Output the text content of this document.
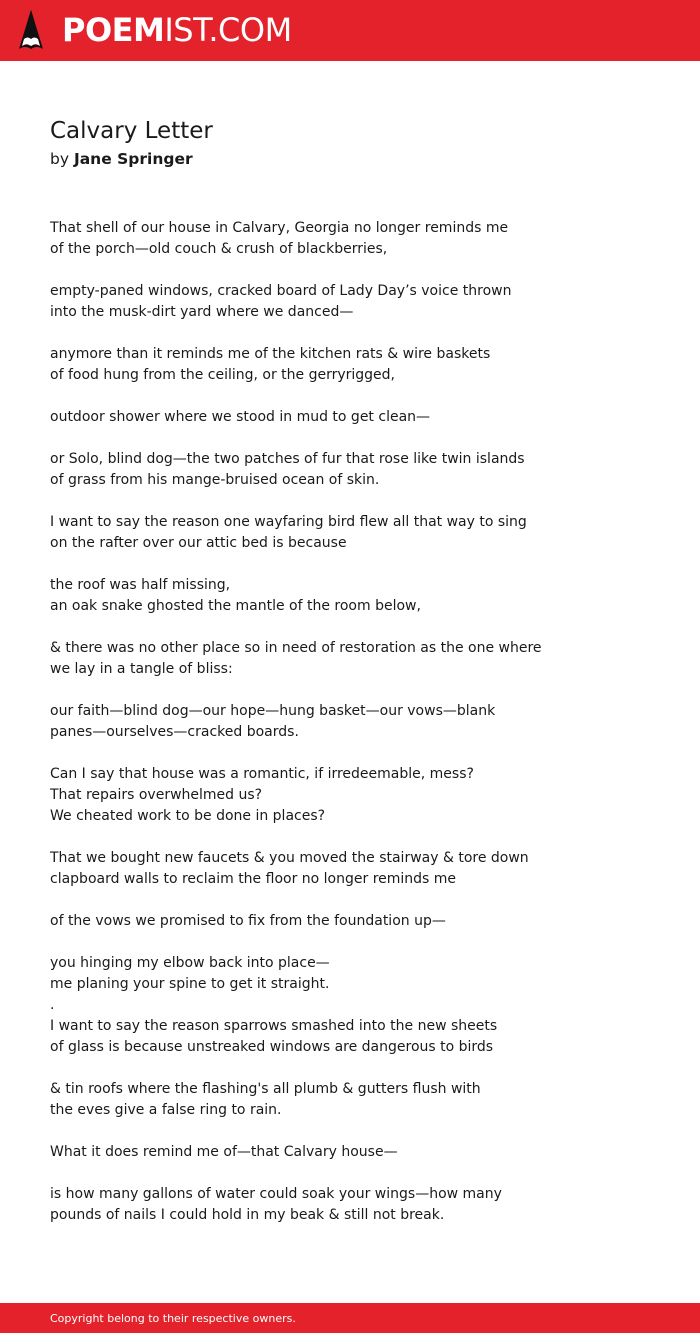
POEMIST.COM
Calvary Letter
by Jane Springer
That shell of our house in Calvary, Georgia no longer reminds me
of the porch—old couch & crush of blackberries,
empty-paned windows, cracked board of Lady Day’s voice thrown
into the musk-dirt yard where we danced—
anymore than it reminds me of the kitchen rats & wire baskets
of food hung from the ceiling, or the gerryrigged,
outdoor shower where we stood in mud to get clean—
or Solo, blind dog—the two patches of fur that rose like twin islands
of grass from his mange-bruised ocean of skin.
I want to say the reason one wayfaring bird flew all that way to sing
on the rafter over our attic bed is because
the roof was half missing,
an oak snake ghosted the mantle of the room below,
& there was no other place so in need of restoration as the one where
we lay in a tangle of bliss:
our faith—blind dog—our hope—hung basket—our vows—blank
panes—ourselves—cracked boards.
Can I say that house was a romantic, if irredeemable, mess?
That repairs overwhelmed us?
We cheated work to be done in places?
That we bought new faucets & you moved the stairway & tore down
clapboard walls to reclaim the floor no longer reminds me
of the vows we promised to fix from the foundation up—
you hinging my elbow back into place—
me planing your spine to get it straight.
.
I want to say the reason sparrows smashed into the new sheets
of glass is because unstreaked windows are dangerous to birds
& tin roofs where the flashing's all plumb & gutters flush with
the eves give a false ring to rain.
What it does remind me of—that Calvary house—
is how many gallons of water could soak your wings—how many
pounds of nails I could hold in my beak & still not break.
Copyright belong to their respective owners.
